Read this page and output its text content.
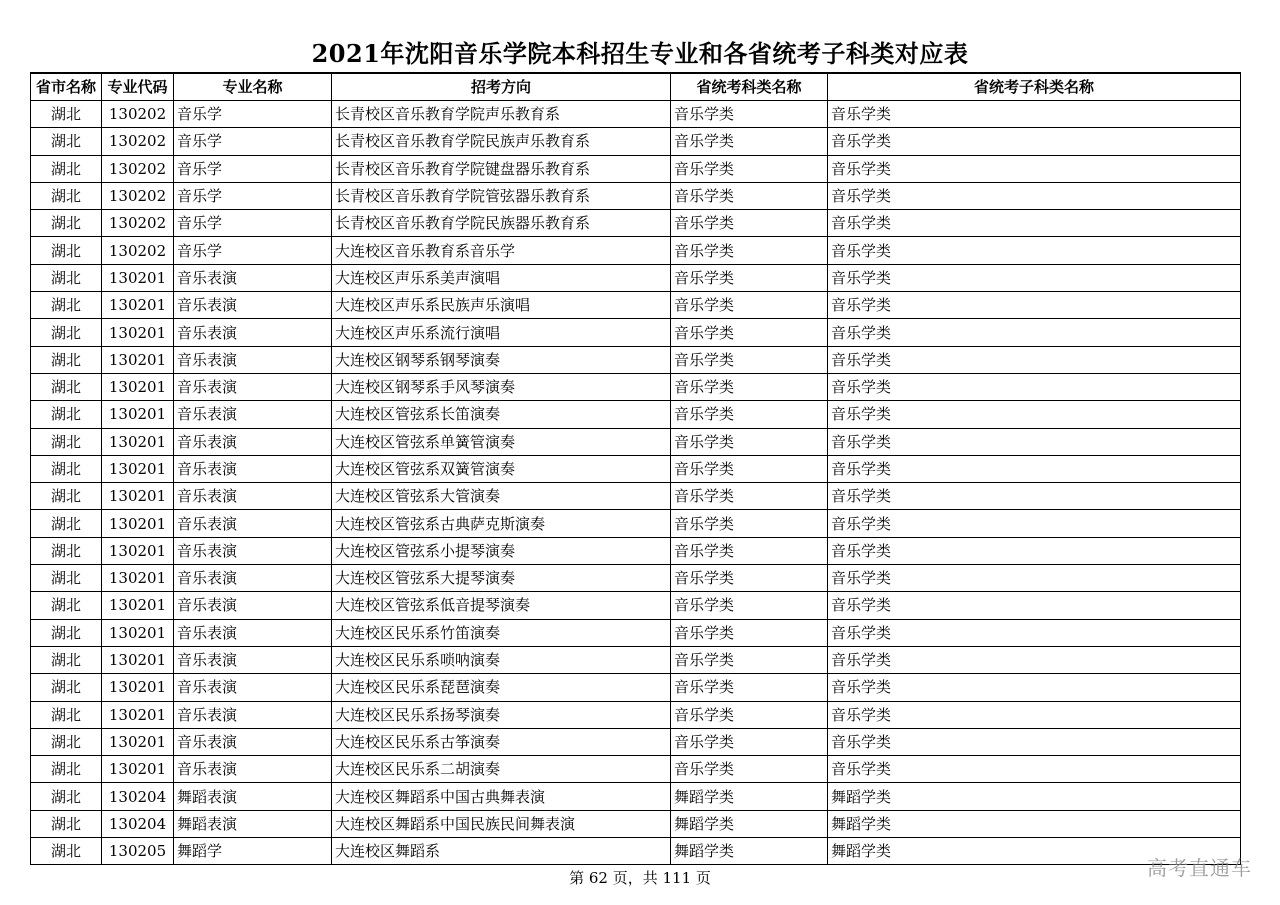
2021年沈阳音乐学院本科招生专业和各省统考子科类对应表
省市名称	专业代码	专业名称	招考方向	省统考科类名称	省统考子科类名称
湖北	130202	音乐学	长青校区音乐教育学院声乐教育系	音乐学类	音乐学类
湖北	130202	音乐学	长青校区音乐教育学院民族声乐教育系	音乐学类	音乐学类
湖北	130202	音乐学	长青校区音乐教育学院键盘器乐教育系	音乐学类	音乐学类
湖北	130202	音乐学	长青校区音乐教育学院管弦器乐教育系	音乐学类	音乐学类
湖北	130202	音乐学	长青校区音乐教育学院民族器乐教育系	音乐学类	音乐学类
湖北	130202	音乐学	大连校区音乐教育系音乐学	音乐学类	音乐学类
湖北	130201	音乐表演	大连校区声乐系美声演唱	音乐学类	音乐学类
湖北	130201	音乐表演	大连校区声乐系民族声乐演唱	音乐学类	音乐学类
湖北	130201	音乐表演	大连校区声乐系流行演唱	音乐学类	音乐学类
湖北	130201	音乐表演	大连校区钢琴系钢琴演奏	音乐学类	音乐学类
湖北	130201	音乐表演	大连校区钢琴系手风琴演奏	音乐学类	音乐学类
湖北	130201	音乐表演	大连校区管弦系长笛演奏	音乐学类	音乐学类
湖北	130201	音乐表演	大连校区管弦系单簧管演奏	音乐学类	音乐学类
湖北	130201	音乐表演	大连校区管弦系双簧管演奏	音乐学类	音乐学类
湖北	130201	音乐表演	大连校区管弦系大管演奏	音乐学类	音乐学类
湖北	130201	音乐表演	大连校区管弦系古典萨克斯演奏	音乐学类	音乐学类
湖北	130201	音乐表演	大连校区管弦系小提琴演奏	音乐学类	音乐学类
湖北	130201	音乐表演	大连校区管弦系大提琴演奏	音乐学类	音乐学类
湖北	130201	音乐表演	大连校区管弦系低音提琴演奏	音乐学类	音乐学类
湖北	130201	音乐表演	大连校区民乐系竹笛演奏	音乐学类	音乐学类
湖北	130201	音乐表演	大连校区民乐系唢呐演奏	音乐学类	音乐学类
湖北	130201	音乐表演	大连校区民乐系琵琶演奏	音乐学类	音乐学类
湖北	130201	音乐表演	大连校区民乐系扬琴演奏	音乐学类	音乐学类
湖北	130201	音乐表演	大连校区民乐系古筝演奏	音乐学类	音乐学类
湖北	130201	音乐表演	大连校区民乐系二胡演奏	音乐学类	音乐学类
湖北	130204	舞蹈表演	大连校区舞蹈系中国古典舞表演	舞蹈学类	舞蹈学类
湖北	130204	舞蹈表演	大连校区舞蹈系中国民族民间舞表演	舞蹈学类	舞蹈学类
湖北	130205	舞蹈学	大连校区舞蹈系	舞蹈学类	舞蹈学类
第 62 页，共 111 页	高考直通车
